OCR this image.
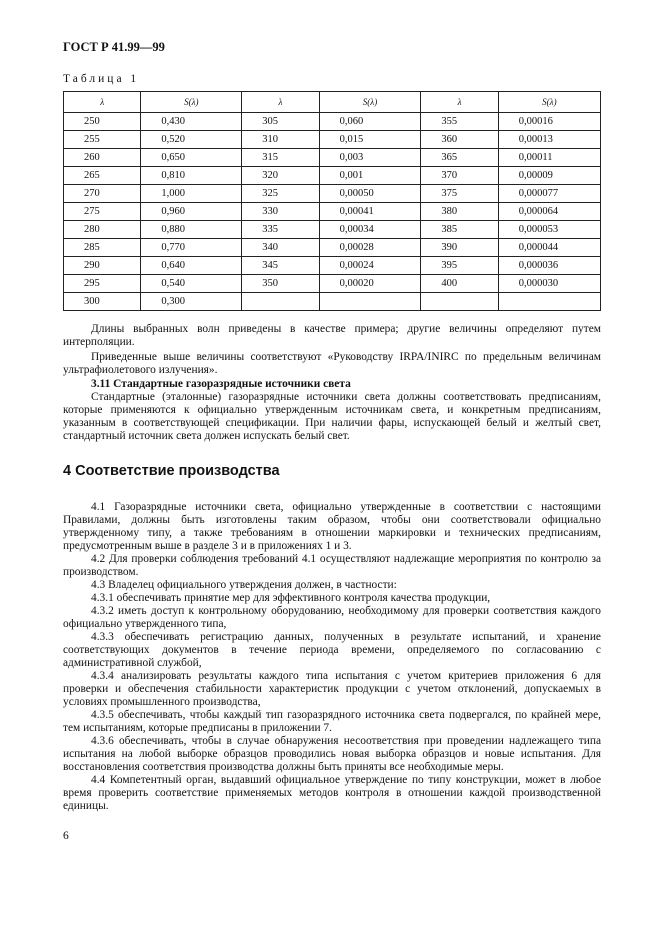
ГОСТ Р 41.99—99
Таблица 1
λ	S(λ)	λ	S(λ)	λ	S(λ)
250	0,430	305	0,060	355	0,00016
255	0,520	310	0,015	360	0,00013
260	0,650	315	0,003	365	0,00011
265	0,810	320	0,001	370	0,00009
270	1,000	325	0,00050	375	0,000077
275	0,960	330	0,00041	380	0,000064
280	0,880	335	0,00034	385	0,000053
285	0,770	340	0,00028	390	0,000044
290	0,640	345	0,00024	395	0,000036
295	0,540	350	0,00020	400	0,000030
300	0,300				

Длины выбранных волн приведены в качестве примера; другие величины определяют путем интерполяции.

Приведенные выше величины соответствуют «Руководству IRPA/INIRC по предельным величинам ультрафиолетового излучения».

3.11 Стандартные газоразрядные источники света

Стандартные (эталонные) газоразрядные источники света должны соответствовать предписаниям, которые применяются к официально утвержденным источникам света, и конкретным предписаниям, указанным в соответствующей спецификации. При наличии фары, испускающей белый и желтый свет, стандартный источник света должен испускать белый свет.

4 Соответствие производства

4.1 Газоразрядные источники света, официально утвержденные в соответствии с настоящими Правилами, должны быть изготовлены таким образом, чтобы они соответствовали официально утвержденному типу, а также требованиям в отношении маркировки и технических предписаниям, предусмотренным выше в разделе 3 и в приложениях 1 и 3.

4.2 Для проверки соблюдения требований 4.1 осуществляют надлежащие мероприятия по контролю за производством.

4.3 Владелец официального утверждения должен, в частности:

4.3.1 обеспечивать принятие мер для эффективного контроля качества продукции,

4.3.2 иметь доступ к контрольному оборудованию, необходимому для проверки соответствия каждого официально утвержденного типа,

4.3.3 обеспечивать регистрацию данных, полученных в результате испытаний, и хранение соответствующих документов в течение периода времени, определяемого по согласованию с административной службой,

4.3.4 анализировать результаты каждого типа испытания с учетом критериев приложения 6 для проверки и обеспечения стабильности характеристик продукции с учетом отклонений, допускаемых в условиях промышленного производства,

4.3.5 обеспечивать, чтобы каждый тип газоразрядного источника света подвергался, по крайней мере, тем испытаниям, которые предписаны в приложении 7.

4.3.6 обеспечивать, чтобы в случае обнаружения несоответствия при проведении надлежащего типа испытания на любой выборке образцов проводились новая выборка образцов и новые испытания. Для восстановления соответствия производства должны быть приняты все необходимые меры.

4.4 Компетентный орган, выдавший официальное утверждение по типу конструкции, может в любое время проверить соответствие применяемых методов контроля в отношении каждой производственной единицы.

6
